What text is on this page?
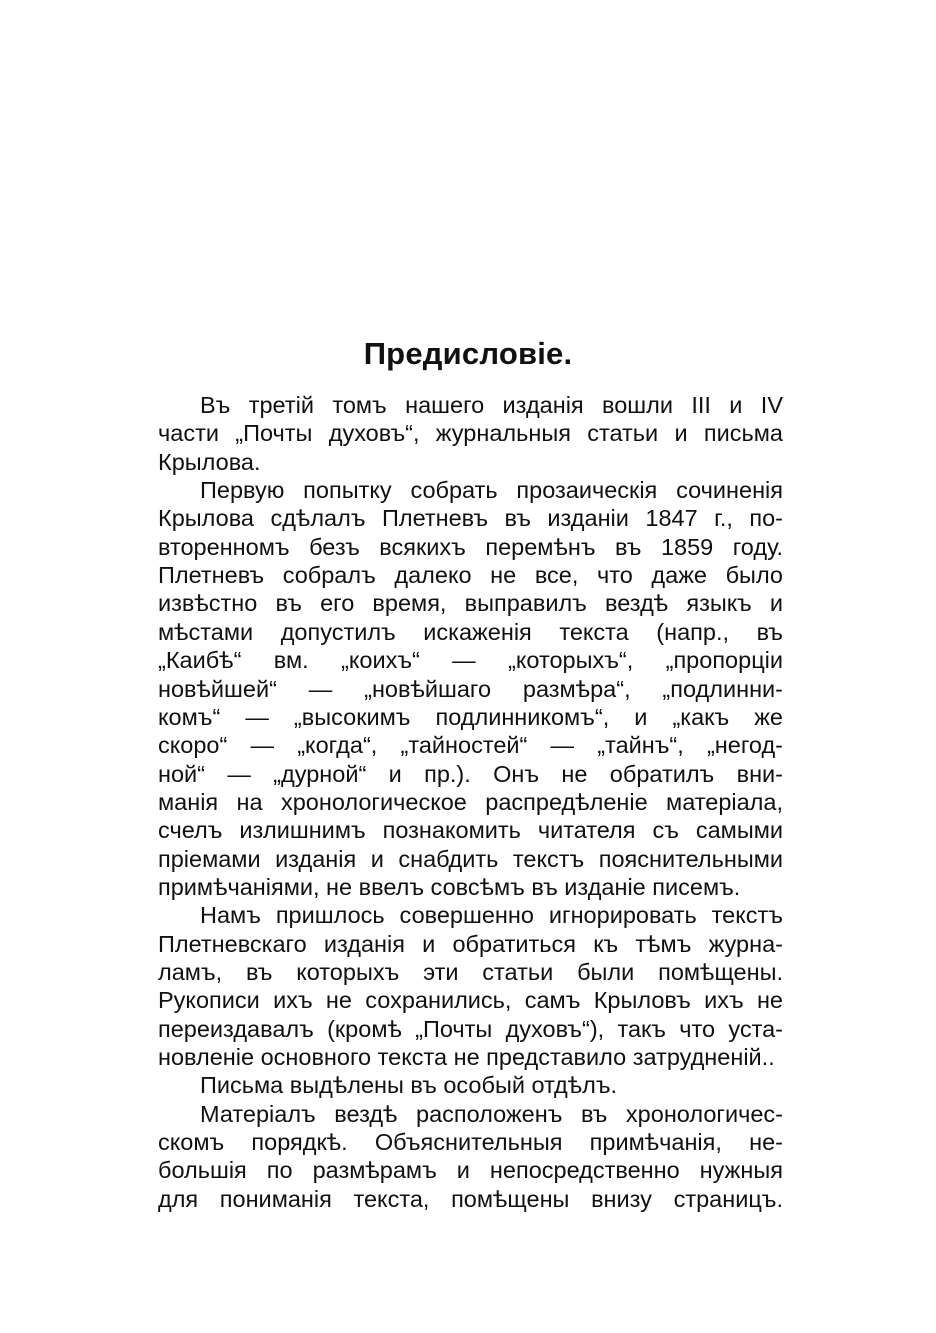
Предисловіе.

Въ третій томъ нашего изданія вошли III и IV

части „Почты духовъ“, журнальныя статьи и письма

Крылова.

Первую попытку собрать прозаическія сочиненія

Крылова сдѣлалъ Плетневъ въ изданіи 1847 г., по-

вторенномъ безъ всякихъ перемѣнъ въ 1859 году.

Плетневъ собралъ далеко не все, что даже было

извѣстно въ его время, выправилъ вездѣ языкъ и

мѣстами допустилъ искаженія текста (напр., въ

„Каибѣ“ вм. „коихъ“ — „которыхъ“, „пропорціи

новѣйшей“ — „новѣйшаго размѣра“, „подлинни-

комъ“ — „высокимъ подлинникомъ“, и „какъ же

скоро“ — „когда“, „тайностей“ — „тайнъ“, „негод-

ной“ — „дурной“ и пр.). Онъ не обратилъ вни-

манія на хронологическое распредѣленіе матеріала,

счелъ излишнимъ познакомить читателя съ самыми

пріемами изданія и снабдить текстъ пояснительными

примѣчаніями, не ввелъ совсѣмъ въ изданіе писемъ.

Намъ пришлось совершенно игнорировать текстъ

Плетневскаго изданія и обратиться къ тѣмъ журна-

ламъ, въ которыхъ эти статьи были помѣщены.

Рукописи ихъ не сохранились, самъ Крыловъ ихъ не

переиздавалъ (кромѣ „Почты духовъ“), такъ что уста-

новленіе основного текста не представило затрудненій..

Письма выдѣлены въ особый отдѣлъ.

Матеріалъ вездѣ расположенъ въ хронологичес-

скомъ порядкѣ. Объяснительныя примѣчанія, не-

большія по размѣрамъ и непосредственно нужныя

для пониманія текста, помѣщены внизу страницъ.
